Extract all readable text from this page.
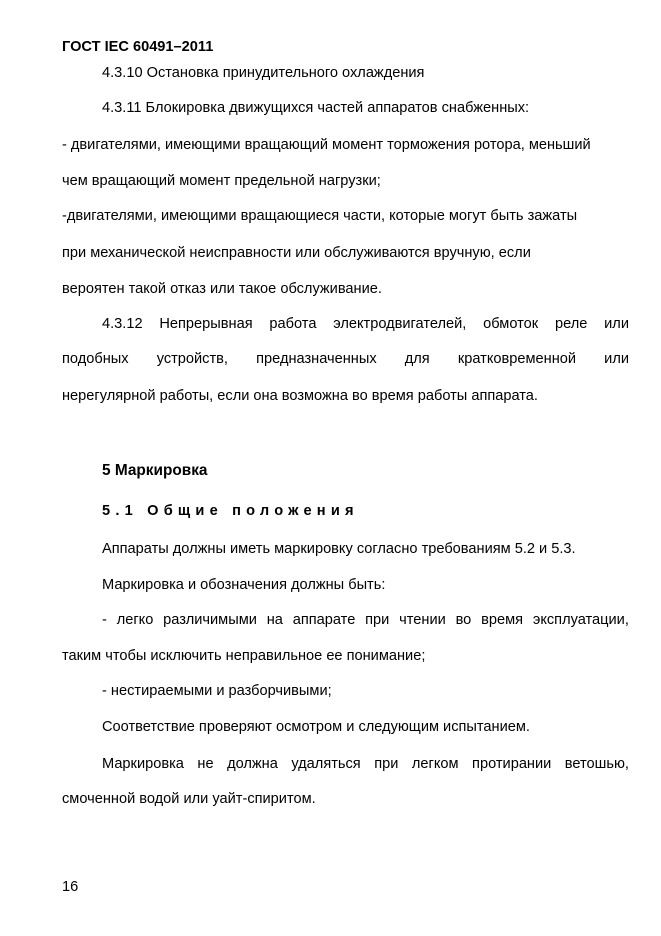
ГОСТ IEC 60491–2011
4.3.10 Остановка принудительного охлаждения
4.3.11 Блокировка движущихся частей аппаратов снабженных:
- двигателями, имеющими вращающий момент торможения ротора, меньший
чем вращающий момент предельной нагрузки;
-двигателями, имеющими вращающиеся части, которые могут быть зажаты
при механической неисправности или обслуживаются вручную, если
вероятен такой отказ или такое обслуживание.
4.3.12 Непрерывная работа электродвигателей, обмоток реле или
подобных устройств, предназначенных для кратковременной или
нерегулярной работы, если она возможна во время работы аппарата.
5 Маркировка
5.1 Общие положения
Аппараты должны иметь маркировку согласно требованиям 5.2 и 5.3.
Маркировка и обозначения должны быть:
- легко различимыми на аппарате при чтении во время эксплуатации,
таким чтобы исключить неправильное ее понимание;
- нестираемыми и разборчивыми;
Соответствие проверяют осмотром и следующим испытанием.
Маркировка не должна удаляться при легком протирании ветошью,
смоченной водой или уайт-спиритом.
16
